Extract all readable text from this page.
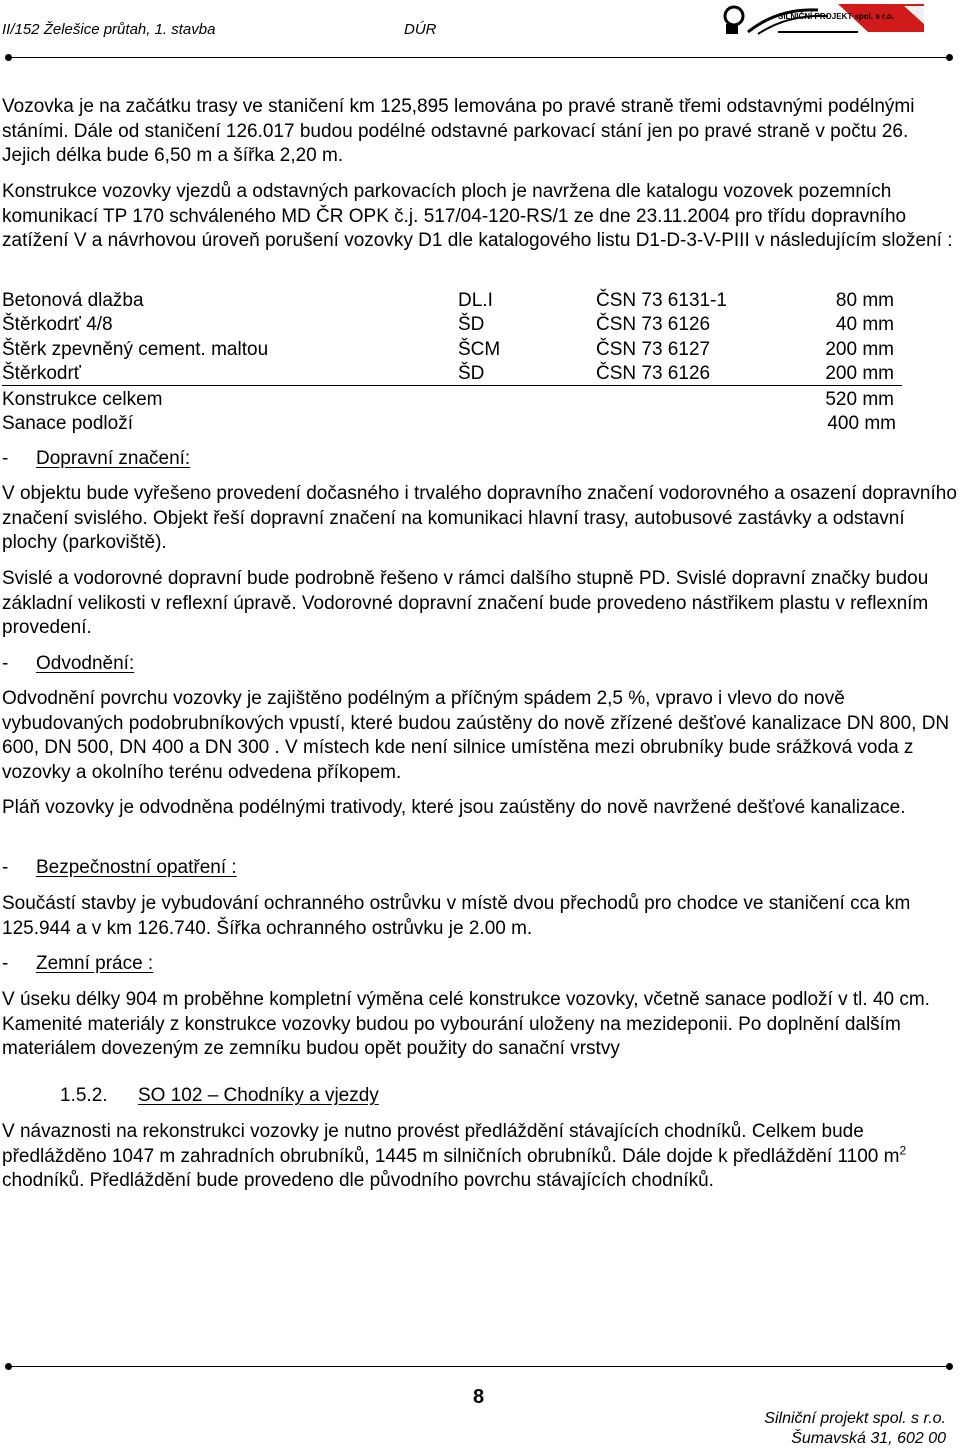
II/152 Želešice průtah, 1. stavba	DÚR
SILNIČNÍ PROJEKT spol. s r.o.

Vozovka je na začátku trasy ve staničení km 125,895 lemována po pravé straně třemi odstavnými podélnými stáními. Dále od staničení 126.017 budou podélné odstavné parkovací stání jen po pravé straně v počtu 26. Jejich délka bude 6,50 m a šířka 2,20 m.

Konstrukce vozovky vjezdů a odstavných parkovacích ploch je navržena dle katalogu vozovek pozemních komunikací TP 170 schváleného MD ČR OPK č.j. 517/04-120-RS/1 ze dne 23.11.2004 pro třídu dopravního zatížení V a návrhovou úroveň porušení vozovky D1 dle katalogového listu D1-D-3-V-PIII v následujícím složení :

Betonová dlažba	DL.I	ČSN 73 6131-1	80 mm
Štěrkodrť 4/8	ŠD	ČSN 73 6126	40 mm
Štěrk zpevněný cement. maltou	ŠCM	ČSN 73 6127	200 mm
Štěrkodrť	ŠD	ČSN 73 6126	200 mm
Konstrukce celkem	520 mm
Sanace podloží	400 mm
- Dopravní značení:

V objektu bude vyřešeno provedení dočasného i trvalého dopravního značení vodorovného a osazení dopravního značení svislého. Objekt řeší dopravní značení na komunikaci hlavní trasy, autobusové zastávky a odstavní plochy (parkoviště).

Svislé a vodorovné dopravní bude podrobně řešeno v rámci dalšího stupně PD. Svislé dopravní značky budou základní velikosti v reflexní úpravě. Vodorovné dopravní značení bude provedeno nástřikem plastu v reflexním provedení.

- Odvodnění:

Odvodnění povrchu vozovky je zajištěno podélným a příčným spádem 2,5 %, vpravo i vlevo do nově vybudovaných podobrubníkových vpustí, které budou zaústěny do nově zřízené dešťové kanalizace DN 800, DN 600, DN 500, DN 400 a DN 300 . V místech kde není silnice umístěna mezi obrubníky bude srážková voda z vozovky a okolního terénu odvedena příkopem.

Pláň vozovky je odvodněna podélnými trativody, které jsou zaústěny do nově navržené dešťové kanalizace.

- Bezpečnostní opatření :

Součástí stavby je vybudování ochranného ostrůvku v místě dvou přechodů pro chodce ve staničení cca km 125.944 a v km 126.740. Šířka ochranného ostrůvku je 2.00 m.

- Zemní práce :

V úseku délky 904 m proběhne kompletní výměna celé konstrukce vozovky, včetně sanace podloží v tl. 40 cm. Kamenité materiály z konstrukce vozovky budou po vybourání uloženy na mezideponii. Po doplnění dalším materiálem dovezeným ze zemníku budou opět použity do sanační vrstvy

1.5.2. SO 102 – Chodníky a vjezdy

V návaznosti na rekonstrukci vozovky je nutno provést předláždění stávajících chodníků. Celkem bude předlážděno 1047 m zahradních obrubníků, 1445 m silničních obrubníků. Dále dojde k předláždění 1100 $m^2$ chodníků. Předláždění bude provedeno dle původního povrchu stávajících chodníků.

8
Silniční projekt spol. s r.o.
Šumavská 31, 602 00
